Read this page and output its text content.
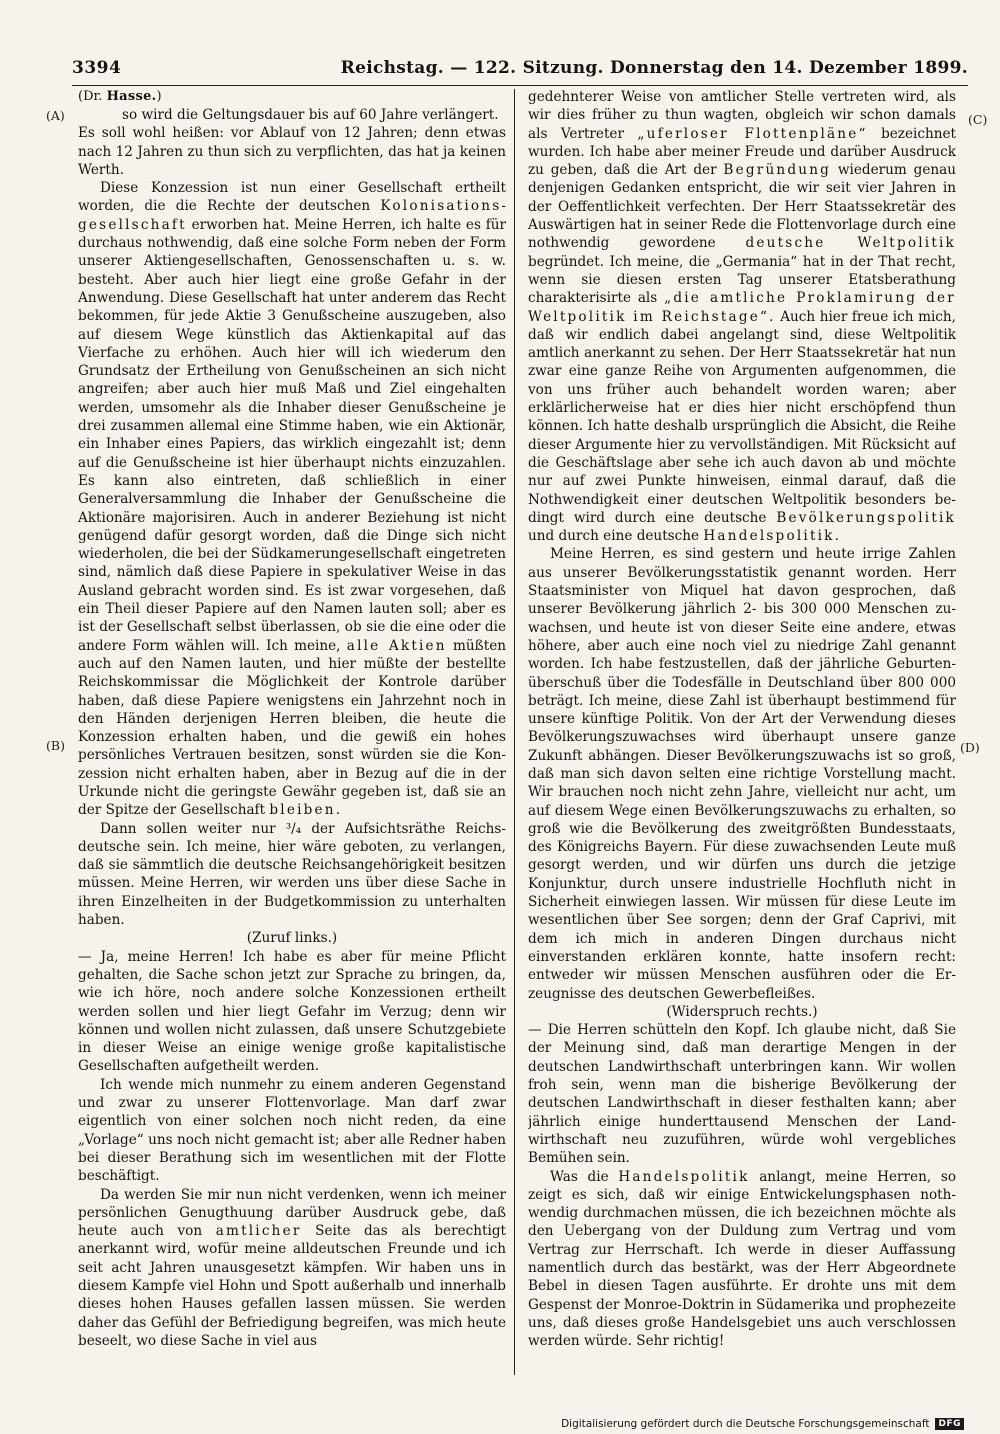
3394	Reichstag. — 122. Sitzung. Donnerstag den 14. Dezember 1899.
(A)
(B)
(C)
(D)
(Dr. Hasse.)

so wird die Geltungsdauer bis auf 60 Jahre verlängert.

Es soll wohl heißen: vor Ablauf von 12 Jahren; denn etwas nach 12 Jahren zu thun sich zu verpflichten, das hat ja keinen Werth.

Diese Konzession ist nun einer Gesellschaft ertheilt worden, die die Rechte der deutschen Kolonisationsgesellschaft erworben hat. Meine Herren, ich halte es für durchaus nothwendig, daß eine solche Form neben der Form unserer Aktiengesellschaften, Genossenschaften u. s. w. besteht. Aber auch hier liegt eine große Gefahr in der Anwendung. Diese Gesellschaft hat unter anderem das Recht bekommen, für jede Aktie 3 Genußscheine auszugeben, also auf diesem Wege künstlich das Aktienkapital auf das Vierfache zu erhöhen. Auch hier will ich wiederum den Grundsatz der Ertheilung von Genußscheinen an sich nicht angreifen; aber auch hier muß Maß und Ziel eingehalten werden, umsomehr als die Inhaber dieser Genußscheine je drei zusammen allemal eine Stimme haben, wie ein Aktionär, ein Inhaber eines Papiers, das wirklich eingezahlt ist; denn auf die Genußscheine ist hier überhaupt nichts einzuzahlen. Es kann also eintreten, daß schließlich in einer Generalversammlung die Inhaber der Genußscheine die Aktionäre majorisiren. Auch in anderer Beziehung ist nicht genügend dafür gesorgt worden, daß die Dinge sich nicht wiederholen, die bei der Südkamerungesellschaft eingetreten sind, nämlich daß diese Papiere in spekulativer Weise in das Ausland gebracht worden sind. Es ist zwar vorgesehen, daß ein Theil dieser Papiere auf den Namen lauten soll; aber es ist der Gesellschaft selbst überlassen, ob sie die eine oder die andere Form wählen will. Ich meine, alle Aktien müßten auch auf den Namen lauten, und hier müßte der bestellte Reichskommissar die Möglichkeit der Kontrole darüber haben, daß diese Papiere wenigstens ein Jahrzehnt noch in den Händen derjenigen Herren bleiben, die heute die Konzession erhalten haben, und die gewiß ein hohes persönliches Vertrauen besitzen, sonst würden sie die Konzession nicht erhalten haben, aber in Bezug auf die in der Urkunde nicht die geringste Gewähr gegeben ist, daß sie an der Spitze der Gesellschaft bleiben.

Dann sollen weiter nur ³/₄ der Aufsichtsräthe Reichsdeutsche sein. Ich meine, hier wäre geboten, zu verlangen, daß sie sämmtlich die deutsche Reichsangehörigkeit besitzen müssen. Meine Herren, wir werden uns über diese Sache in ihren Einzelheiten in der Budgetkommission zu unterhalten haben.

(Zuruf links.)

— Ja, meine Herren! Ich habe es aber für meine Pflicht gehalten, die Sache schon jetzt zur Sprache zu bringen, da, wie ich höre, noch andere solche Konzessionen ertheilt werden sollen und hier liegt Gefahr im Verzug; denn wir können und wollen nicht zulassen, daß unsere Schutzgebiete in dieser Weise an einige wenige große kapitalistische Gesellschaften aufgetheilt werden.

Ich wende mich nunmehr zu einem anderen Gegenstand und zwar zu unserer Flottenvorlage. Man darf zwar eigentlich von einer solchen noch nicht reden, da eine „Vorlage“ uns noch nicht gemacht ist; aber alle Redner haben bei dieser Berathung sich im wesentlichen mit der Flotte beschäftigt.

Da werden Sie mir nun nicht verdenken, wenn ich meiner persönlichen Genugthuung darüber Ausdruck gebe, daß heute auch von amtlicher Seite das als berechtigt anerkannt wird, wofür meine alldeutschen Freunde und ich seit acht Jahren unausgesetzt kämpfen. Wir haben uns in diesem Kampfe viel Hohn und Spott außerhalb und innerhalb dieses hohen Hauses gefallen lassen müssen. Sie werden daher das Gefühl der Befriedigung begreifen, was mich heute beseelt, wo diese Sache in viel aus

gedehnterer Weise von amtlicher Stelle vertreten wird, als wir dies früher zu thun wagten, obgleich wir schon damals als Vertreter „uferloser Flottenpläne“ bezeichnet wurden. Ich habe aber meiner Freude und darüber Ausdruck zu geben, daß die Art der Begründung wiederum genau denjenigen Gedanken entspricht, die wir seit vier Jahren in der Oeffentlichkeit verfechten. Der Herr Staatssekretär des Auswärtigen hat in seiner Rede die Flottenvorlage durch eine nothwendig gewordene deutsche Weltpolitik begründet. Ich meine, die „Germania“ hat in der That recht, wenn sie diesen ersten Tag unserer Etatsberathung charakterisirte als „die amtliche Proklamirung der Weltpolitik im Reichstage“. Auch hier freue ich mich, daß wir endlich dabei angelangt sind, diese Weltpolitik amtlich anerkannt zu sehen. Der Herr Staatssekretär hat nun zwar eine ganze Reihe von Argumenten aufgenommen, die von uns früher auch behandelt worden waren; aber erklärlicherweise hat er dies hier nicht erschöpfend thun können. Ich hatte deshalb ursprünglich die Absicht, die Reihe dieser Argumente hier zu vervollständigen. Mit Rücksicht auf die Geschäftslage aber sehe ich auch davon ab und möchte nur auf zwei Punkte hinweisen, einmal darauf, daß die Nothwendigkeit einer deutschen Weltpolitik besonders bedingt wird durch eine deutsche Bevölkerungspolitik und durch eine deutsche Handelspolitik.

Meine Herren, es sind gestern und heute irrige Zahlen aus unserer Bevölkerungsstatistik genannt worden. Herr Staatsminister von Miquel hat davon gesprochen, daß unserer Bevölkerung jährlich 2- bis 300 000 Menschen zuwachsen, und heute ist von dieser Seite eine andere, etwas höhere, aber auch eine noch viel zu niedrige Zahl genannt worden. Ich habe festzustellen, daß der jährliche Geburtenüberschuß über die Todesfälle in Deutschland über 800 000 beträgt. Ich meine, diese Zahl ist überhaupt bestimmend für unsere künftige Politik. Von der Art der Verwendung dieses Bevölkerungszuwachses wird überhaupt unsere ganze Zukunft abhängen. Dieser Bevölkerungszuwachs ist so groß, daß man sich davon selten eine richtige Vorstellung macht. Wir brauchen noch nicht zehn Jahre, vielleicht nur acht, um auf diesem Wege einen Bevölkerungszuwachs zu erhalten, so groß wie die Bevölkerung des zweitgrößten Bundesstaats, des Königreichs Bayern. Für diese zuwachsenden Leute muß gesorgt werden, und wir dürfen uns durch die jetzige Konjunktur, durch unsere industrielle Hochfluth nicht in Sicherheit einwiegen lassen. Wir müssen für diese Leute im wesentlichen über See sorgen; denn der Graf Caprivi, mit dem ich mich in anderen Dingen durchaus nicht einverstanden erklären konnte, hatte insofern recht: entweder wir müssen Menschen ausführen oder die Erzeugnisse des deutschen Gewerbefleißes.

(Widerspruch rechts.)

— Die Herren schütteln den Kopf. Ich glaube nicht, daß Sie der Meinung sind, daß man derartige Mengen in der deutschen Landwirthschaft unterbringen kann. Wir wollen froh sein, wenn man die bisherige Bevölkerung der deutschen Landwirthschaft in dieser festhalten kann; aber jährlich einige hunderttausend Menschen der Landwirthschaft neu zuzuführen, würde wohl vergebliches Bemühen sein.

Was die Handelspolitik anlangt, meine Herren, so zeigt es sich, daß wir einige Entwickelungsphasen nothwendig durchmachen müssen, die ich bezeichnen möchte als den Uebergang von der Duldung zum Vertrag und vom Vertrag zur Herrschaft. Ich werde in dieser Auffassung namentlich durch das bestärkt, was der Herr Abgeordnete Bebel in diesen Tagen ausführte. Er drohte uns mit dem Gespenst der Monroe-Doktrin in Südamerika und prophezeite uns, daß dieses große Handelsgebiet uns auch verschlossen werden würde. Sehr richtig!

Digitalisierung gefördert durch die Deutsche Forschungsgemeinschaft	DFG
